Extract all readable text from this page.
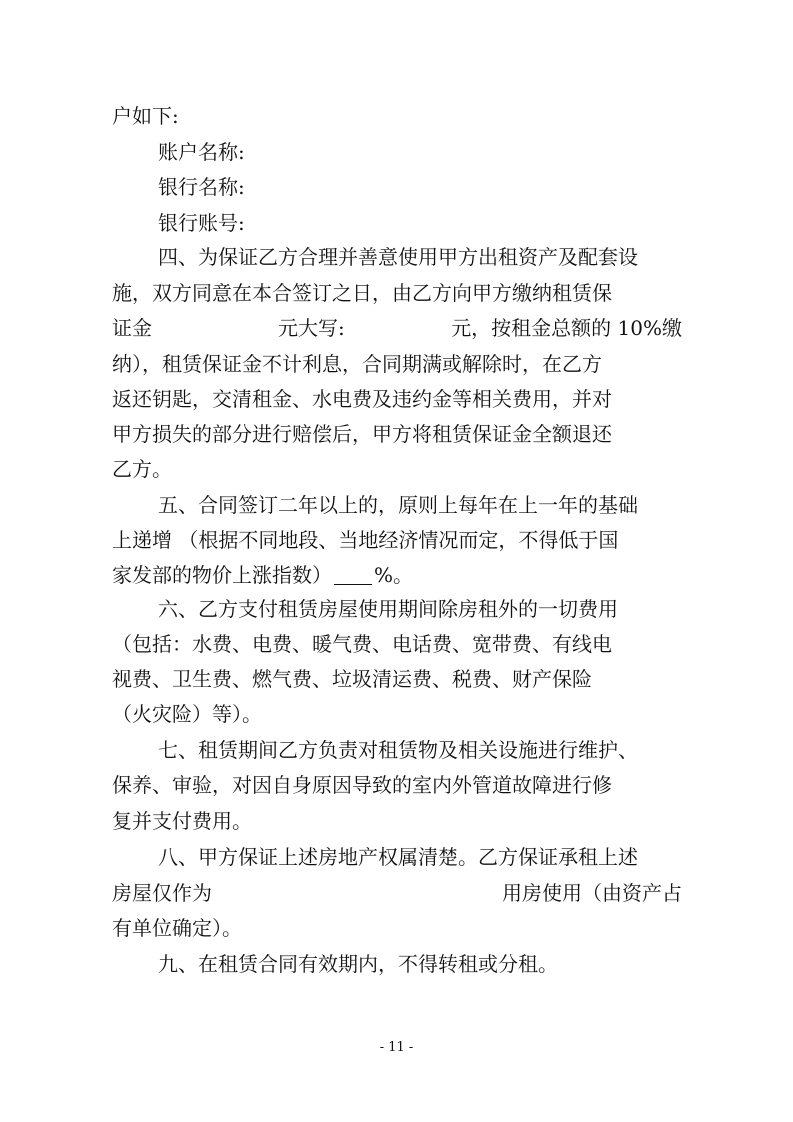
户如下:
账户名称:
银行名称:
银行账号:
四、为保证乙方合理并善意使用甲方出租资产及配套设
施，双方同意在本合签订之日，由乙方向甲方缴纳租赁保
证金	元大写:	元，按租金总额的 10%缴
纳），租赁保证金不计利息，合同期满或解除时，在乙方
返还钥匙，交清租金、水电费及违约金等相关费用，并对
甲方损失的部分进行赔偿后，甲方将租赁保证金全额退还
乙方。
五、合同签订二年以上的，原则上每年在上一年的基础
上递增 （根据不同地段、当地经济情况而定，不得低于国
家发部的物价上涨指数） %。
六、乙方支付租赁房屋使用期间除房租外的一切费用
（包括：水费、电费、暖气费、电话费、宽带费、有线电
视费、卫生费、燃气费、垃圾清运费、税费、财产保险
（火灾险）等）。
七、租赁期间乙方负责对租赁物及相关设施进行维护、
保养、审验，对因自身原因导致的室内外管道故障进行修
复并支付费用。
八、甲方保证上述房地产权属清楚。乙方保证承租上述
房屋仅作为	用房使用（由资产占
有单位确定）。
九、在租赁合同有效期内，不得转租或分租。
- 11 -
